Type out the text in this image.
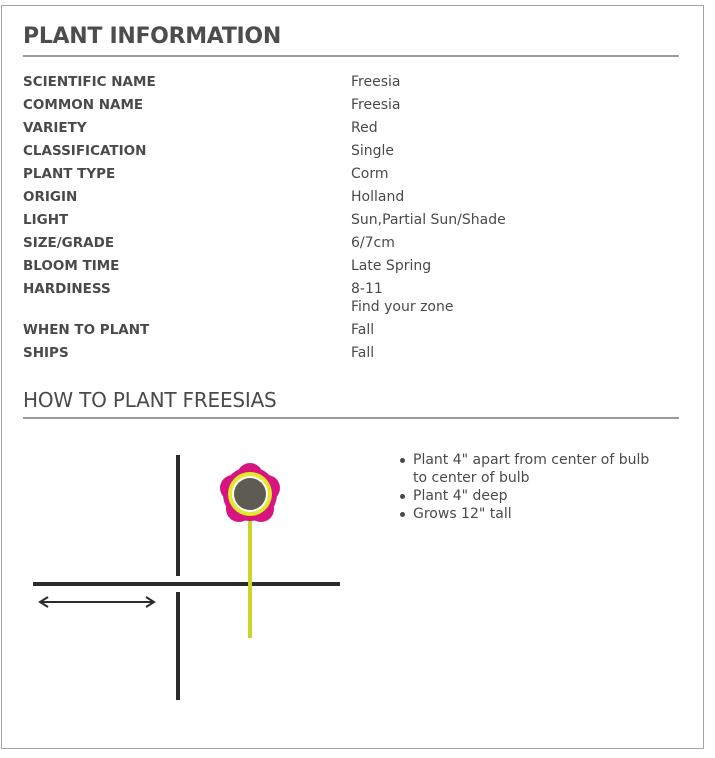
PLANT INFORMATION
SCIENTIFIC NAME	Freesia
COMMON NAME	Freesia
VARIETY	Red
CLASSIFICATION	Single
PLANT TYPE	Corm
ORIGIN	Holland
LIGHT	Sun,Partial Sun/Shade
SIZE/GRADE	6/7cm
BLOOM TIME	Late Spring
HARDINESS	8-11
Find your zone
WHEN TO PLANT	Fall
SHIPS	Fall
HOW TO PLANT FREESIAS
Plant 4" apart from center of bulb to center of bulb
Plant 4" deep
Grows 12" tall
